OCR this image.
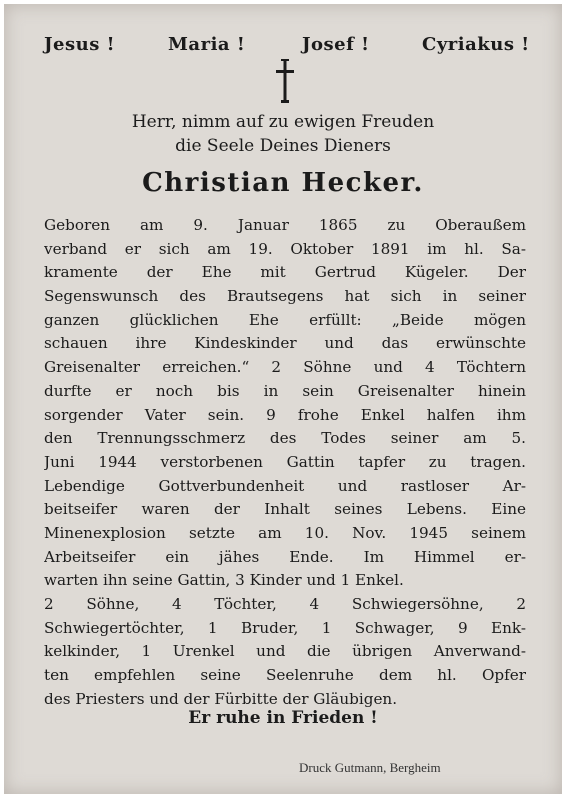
Jesus !	Maria !	Josef !	Cyriakus !
Herr, nimm auf zu ewigen Freuden
die Seele Deines Dieners
Christian Hecker.
Geboren am 9. Januar 1865 zu Oberaußem
verband er sich am 19. Oktober 1891 im hl. Sa-
kramente der Ehe mit Gertrud Kügeler. Der
Segenswunsch des Brautsegens hat sich in seiner
ganzen glücklichen Ehe erfüllt: „Beide mögen
schauen ihre Kindeskinder und das erwünschte
Greisenalter erreichen.“ 2 Söhne und 4 Töchtern
durfte er noch bis in sein Greisenalter hinein
sorgender Vater sein. 9 frohe Enkel halfen ihm
den Trennungsschmerz des Todes seiner am 5.
Juni 1944 verstorbenen Gattin tapfer zu tragen.
Lebendige Gottverbundenheit und rastloser Ar-
beitseifer waren der Inhalt seines Lebens. Eine
Minenexplosion setzte am 10. Nov. 1945 seinem
Arbeitseifer ein jähes Ende. Im Himmel er-
warten ihn seine Gattin, 3 Kinder und 1 Enkel.
2 Söhne, 4 Töchter, 4 Schwiegersöhne, 2
Schwiegertöchter, 1 Bruder, 1 Schwager, 9 Enk-
kelkinder, 1 Urenkel und die übrigen Anverwand-
ten empfehlen seine Seelenruhe dem hl. Opfer
des Priesters und der Fürbitte der Gläubigen.
Er ruhe in Frieden !
Druck Gutmann, Bergheim
